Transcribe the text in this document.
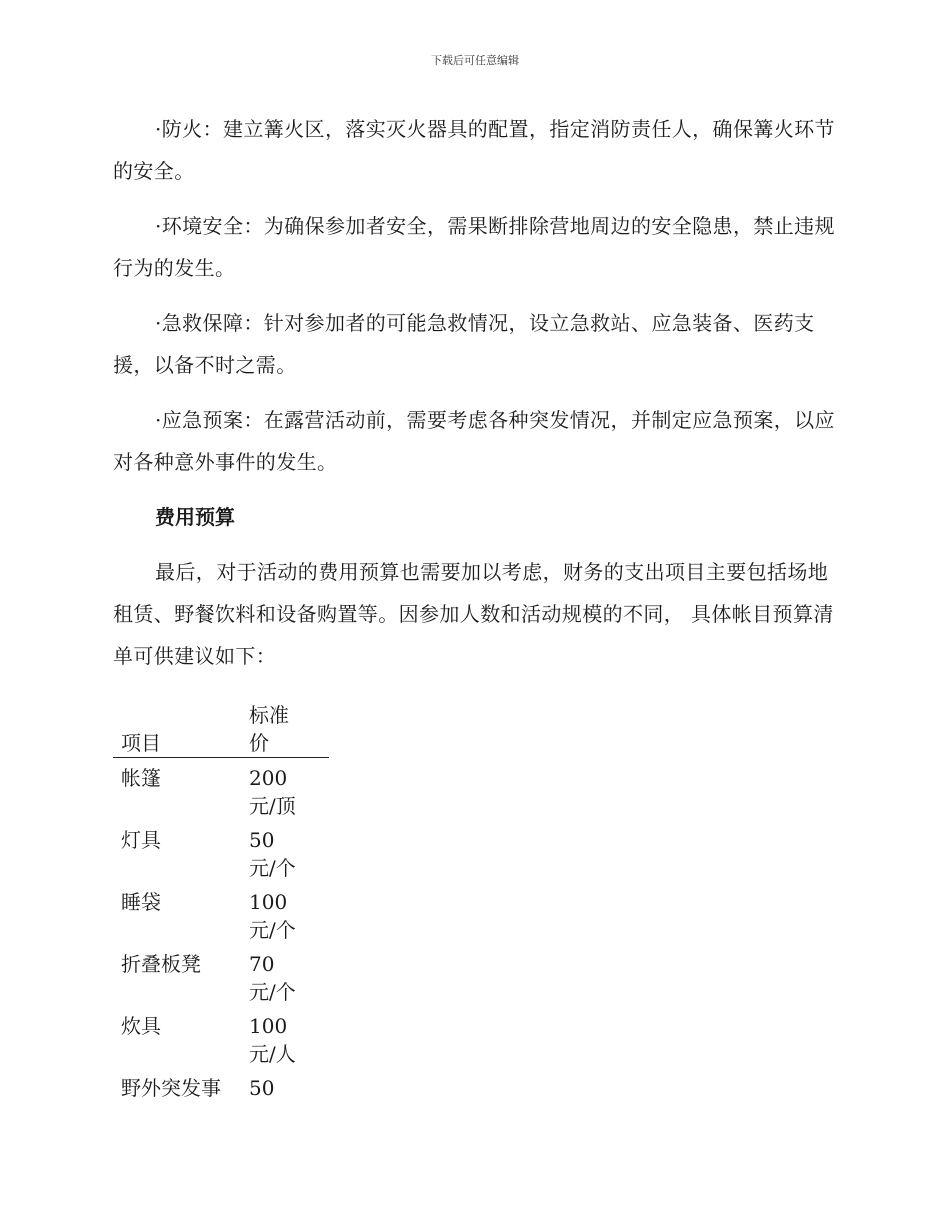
下载后可任意编辑

·防火：建立篝火区，落实灭火器具的配置，指定消防责任人，确保篝火环节的安全。

·环境安全：为确保参加者安全，需果断排除营地周边的安全隐患，禁止违规行为的发生。

·急救保障：针对参加者的可能急救情况，设立急救站、应急装备、医药支援，以备不时之需。

·应急预案：在露营活动前，需要考虑各种突发情况，并制定应急预案，以应对各种意外事件的发生。

费用预算

最后，对于活动的费用预算也需要加以考虑，财务的支出项目主要包括场地租赁、野餐饮料和设备购置等。因参加人数和活动规模的不同， 具体帐目预算清单可供建议如下：

项目	标准
价

帐篷	200
元/顶

灯具	50
元/个

睡袋	100
元/个

折叠板凳	70
元/个

炊具	100
元/人

野外突发事	50
